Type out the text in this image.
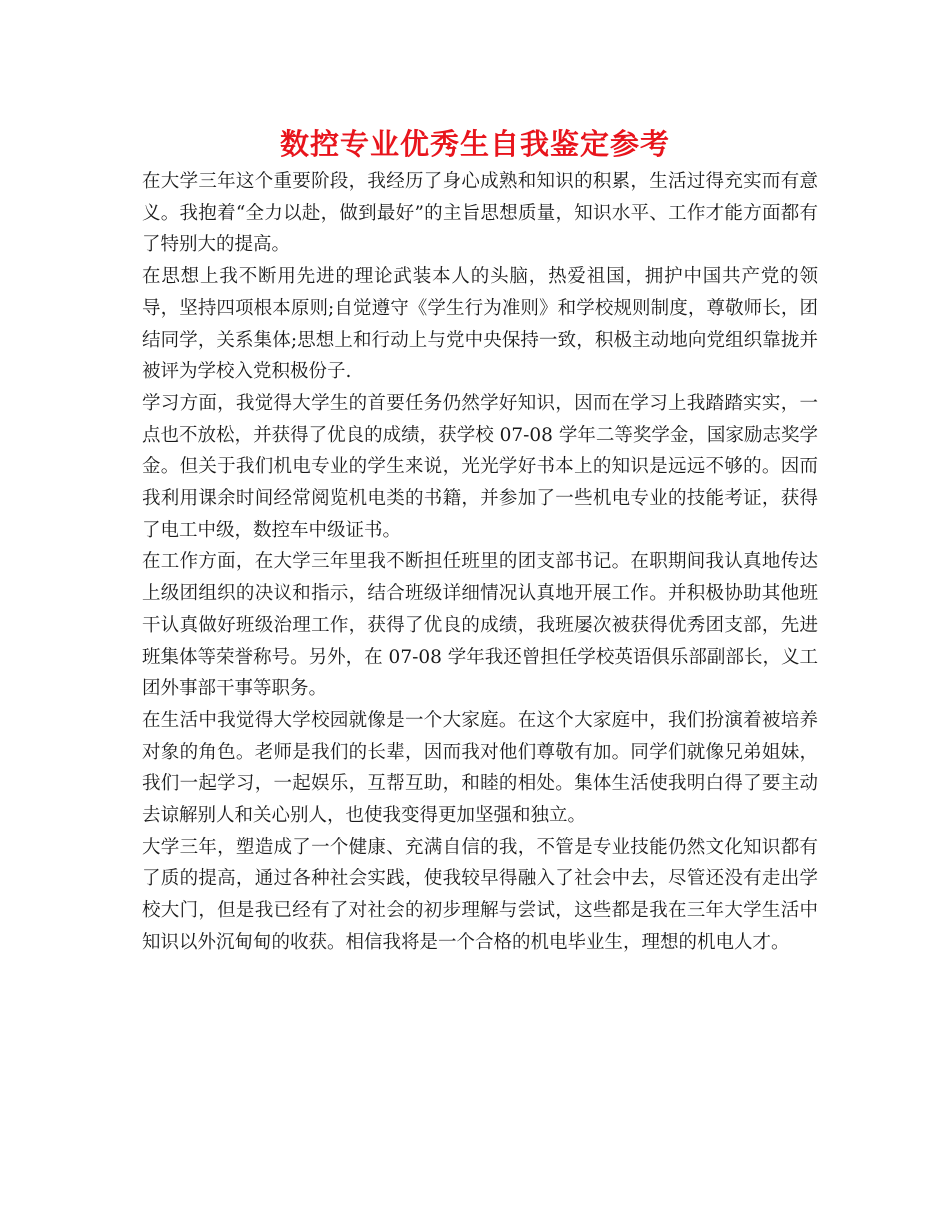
数控专业优秀生自我鉴定参考

在大学三年这个重要阶段，我经历了身心成熟和知识的积累，生活过得充实而有意义。我抱着“全力以赴，做到最好”的主旨思想质量，知识水平、工作才能方面都有了特别大的提高。

在思想上我不断用先进的理论武装本人的头脑，热爱祖国，拥护中国共产党的领导，坚持四项根本原则;自觉遵守《学生行为准则》和学校规则制度，尊敬师长，团结同学，关系集体;思想上和行动上与党中央保持一致，积极主动地向党组织靠拢并被评为学校入党积极份子.

学习方面，我觉得大学生的首要任务仍然学好知识，因而在学习上我踏踏实实，一点也不放松，并获得了优良的成绩，获学校 07-08 学年二等奖学金，国家励志奖学金。但关于我们机电专业的学生来说，光光学好书本上的知识是远远不够的。因而我利用课余时间经常阅览机电类的书籍，并参加了一些机电专业的技能考证，获得了电工中级，数控车中级证书。

在工作方面，在大学三年里我不断担任班里的团支部书记。在职期间我认真地传达上级团组织的决议和指示，结合班级详细情况认真地开展工作。并积极协助其他班干认真做好班级治理工作，获得了优良的成绩，我班屡次被获得优秀团支部，先进班集体等荣誉称号。另外，在 07-08 学年我还曾担任学校英语俱乐部副部长，义工团外事部干事等职务。

在生活中我觉得大学校园就像是一个大家庭。在这个大家庭中，我们扮演着被培养对象的角色。老师是我们的长辈，因而我对他们尊敬有加。同学们就像兄弟姐妹，我们一起学习，一起娱乐，互帮互助，和睦的相处。集体生活使我明白得了要主动去谅解别人和关心别人，也使我变得更加坚强和独立。

大学三年，塑造成了一个健康、充满自信的我，不管是专业技能仍然文化知识都有了质的提高，通过各种社会实践，使我较早得融入了社会中去，尽管还没有走出学校大门，但是我已经有了对社会的初步理解与尝试，这些都是我在三年大学生活中知识以外沉甸甸的收获。相信我将是一个合格的机电毕业生，理想的机电人才。
